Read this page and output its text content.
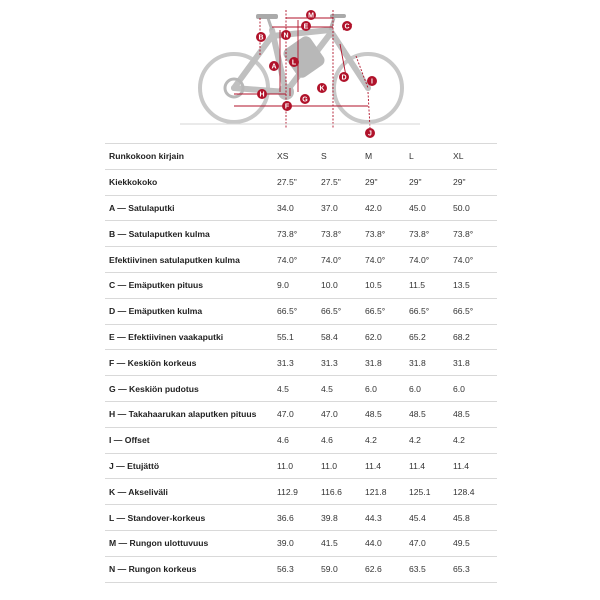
A
B
C
D
E
F
G
H
I
J
K
L
M
N
Runkokoon kirjain	XS	S	M	L	XL
Kiekkokoko	27.5"	27.5"	29"	29"	29"
A — Satulaputki	34.0	37.0	42.0	45.0	50.0
B — Satulaputken kulma	73.8°	73.8°	73.8°	73.8°	73.8°
Efektiivinen satulaputken kulma	74.0°	74.0°	74.0°	74.0°	74.0°
C — Emäputken pituus	9.0	10.0	10.5	11.5	13.5
D — Emäputken kulma	66.5°	66.5°	66.5°	66.5°	66.5°
E — Efektiivinen vaakaputki	55.1	58.4	62.0	65.2	68.2
F — Keskiön korkeus	31.3	31.3	31.8	31.8	31.8
G — Keskiön pudotus	4.5	4.5	6.0	6.0	6.0
H — Takahaarukan alaputken pituus	47.0	47.0	48.5	48.5	48.5
I — Offset	4.6	4.6	4.2	4.2	4.2
J — Etujättö	11.0	11.0	11.4	11.4	11.4
K — Akseliväli	112.9	116.6	121.8	125.1	128.4
L — Standover-korkeus	36.6	39.8	44.3	45.4	45.8
M — Rungon ulottuvuus	39.0	41.5	44.0	47.0	49.5
N — Rungon korkeus	56.3	59.0	62.6	63.5	65.3
